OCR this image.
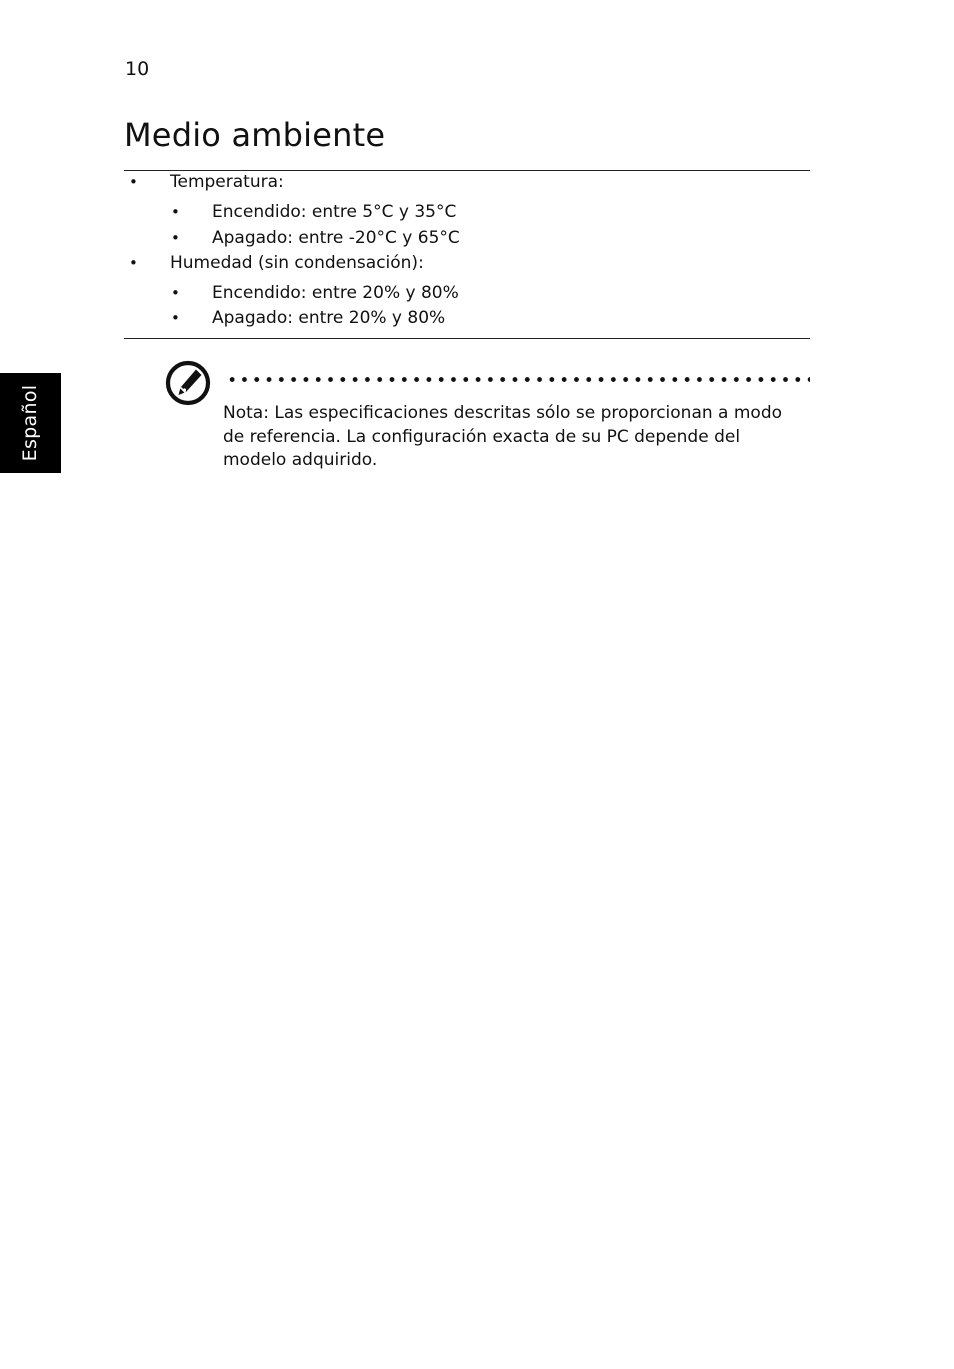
10
Medio ambiente
• Temperatura:
• Encendido: entre 5°C y 35°C
• Apagado: entre -20°C y 65°C
• Humedad (sin condensación):
• Encendido: entre 20% y 80%
• Apagado: entre 20% y 80%
Español	Nota: Las especificaciones descritas sólo se proporcionan a modo de referencia. La configuración exacta de su PC depende del modelo adquirido.
